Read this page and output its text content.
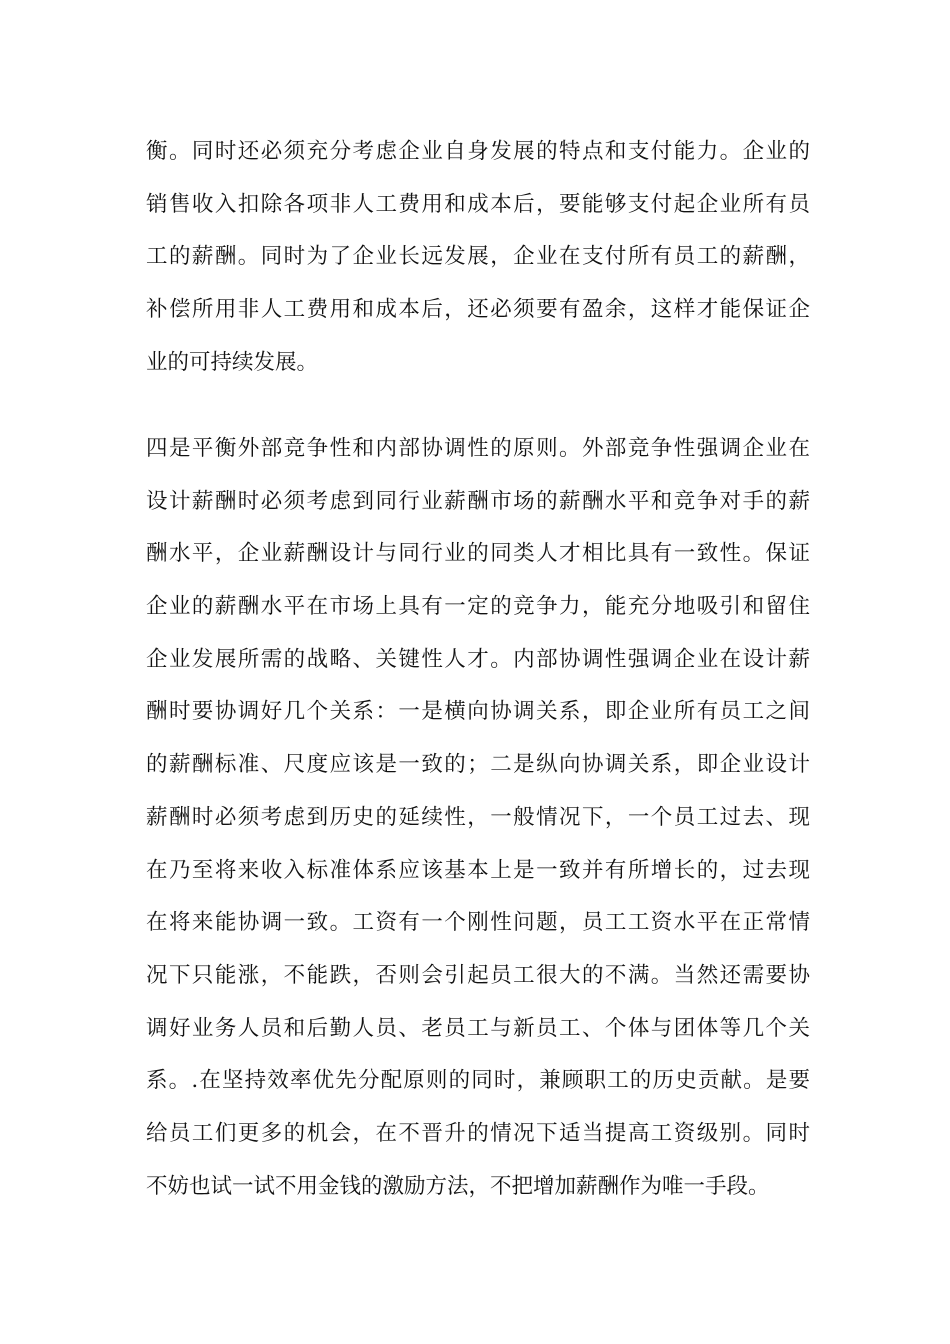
衡。同时还必须充分考虑企业自身发展的特点和支付能力。企业的
销售收入扣除各项非人工费用和成本后，要能够支付起企业所有员
工的薪酬。同时为了企业长远发展，企业在支付所有员工的薪酬，
补偿所用非人工费用和成本后，还必须要有盈余，这样才能保证企
业的可持续发展。

四是平衡外部竞争性和内部协调性的原则。外部竞争性强调企业在
设计薪酬时必须考虑到同行业薪酬市场的薪酬水平和竞争对手的薪
酬水平，企业薪酬设计与同行业的同类人才相比具有一致性。保证
企业的薪酬水平在市场上具有一定的竞争力，能充分地吸引和留住
企业发展所需的战略、关键性人才。内部协调性强调企业在设计薪
酬时要协调好几个关系：一是横向协调关系，即企业所有员工之间
的薪酬标准、尺度应该是一致的；二是纵向协调关系，即企业设计
薪酬时必须考虑到历史的延续性，一般情况下，一个员工过去、现
在乃至将来收入标准体系应该基本上是一致并有所增长的，过去现
在将来能协调一致。工资有一个刚性问题，员工工资水平在正常情
况下只能涨，不能跌，否则会引起员工很大的不满。当然还需要协
调好业务人员和后勤人员、老员工与新员工、个体与团体等几个关
系。.在坚持效率优先分配原则的同时，兼顾职工的历史贡献。是要
给员工们更多的机会，在不晋升的情况下适当提高工资级别。同时
不妨也试一试不用金钱的激励方法，不把增加薪酬作为唯一手段。
